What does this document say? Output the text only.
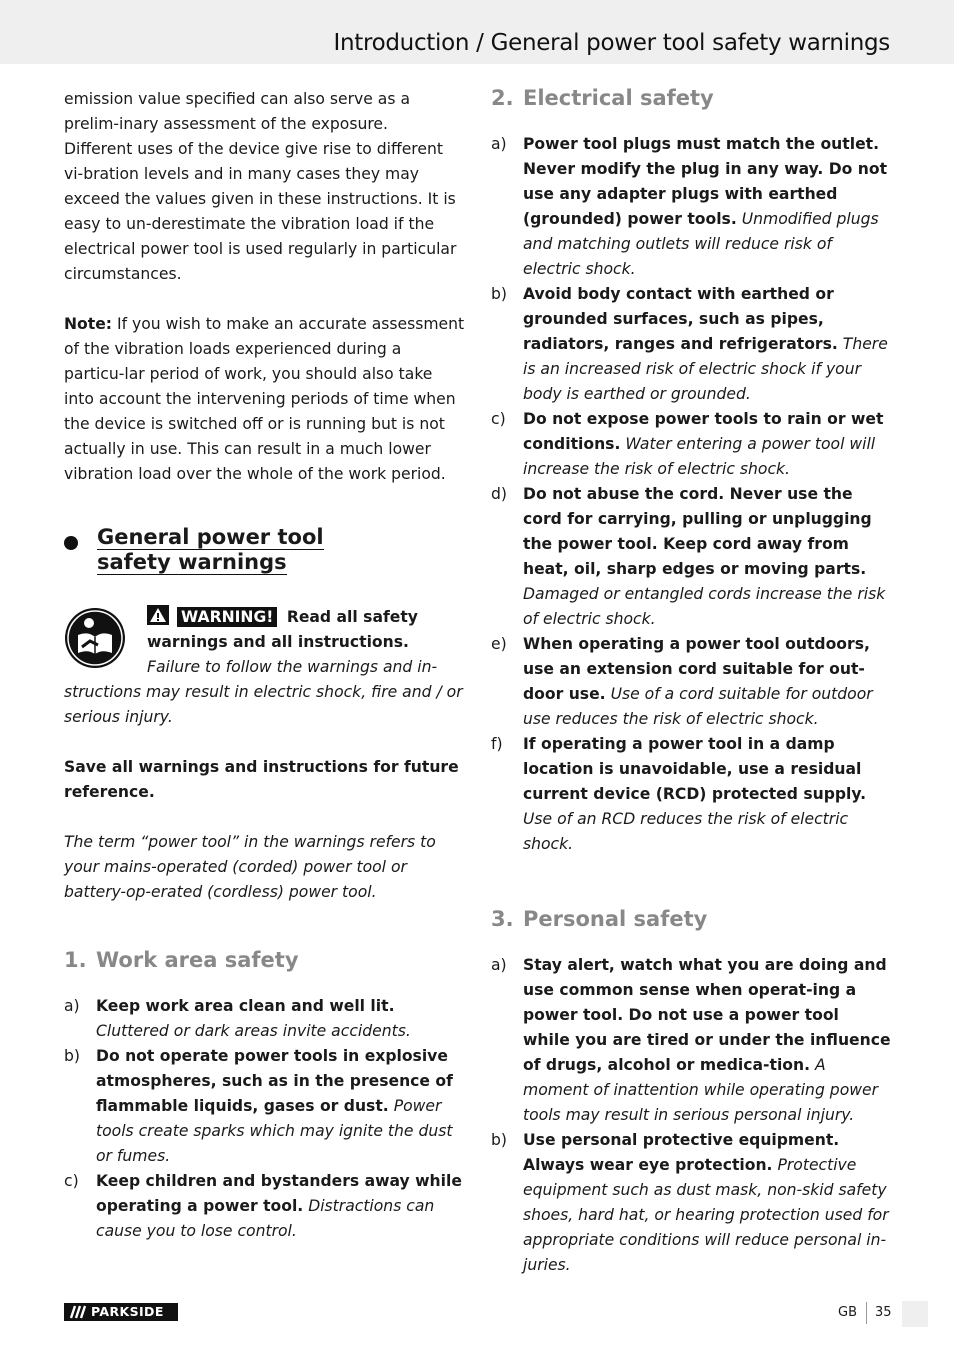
Introduction / General power tool safety warnings

emission value specified can also serve as a prelim-inary assessment of the exposure.

Different uses of the device give rise to different vi-bration levels and in many cases they may exceed the values given in these instructions. It is easy to un-derestimate the vibration load if the electrical power tool is used regularly in particular circumstances.

Note: If you wish to make an accurate assessment of the vibration loads experienced during a particu-lar period of work, you should also take into account the intervening periods of time when the device is switched off or is running but is not actually in use. This can result in a much lower vibration load over the whole of the work period.

General power tool
safety warnings
WARNING! Read all safety warnings and all instructions.

Failure to follow the warnings and in-structions may result in electric shock, fire and / or serious injury.

Save all warnings and instructions for future reference.

The term “power tool” in the warnings refers to your mains-operated (corded) power tool or battery-op-erated (cordless) power tool.

1. Work area safety
a)	Keep work area clean and well lit. Cluttered or dark areas invite accidents.
b)	Do not operate power tools in explosive atmospheres, such as in the presence of flammable liquids, gases or dust. Power tools create sparks which may ignite the dust or fumes.
c)	Keep children and bystanders away while operating a power tool. Distractions can cause you to lose control.
2. Electrical safety
a)	Power tool plugs must match the outlet. Never modify the plug in any way. Do not use any adapter plugs with earthed (grounded) power tools. Unmodified plugs and matching outlets will reduce risk of electric shock.
b)	Avoid body contact with earthed or grounded surfaces, such as pipes, radiators, ranges and refrigerators. There is an increased risk of electric shock if your body is earthed or grounded.
c)	Do not expose power tools to rain or wet conditions. Water entering a power tool will increase the risk of electric shock.
d)	Do not abuse the cord. Never use the cord for carrying, pulling or unplugging the power tool. Keep cord away from heat, oil, sharp edges or moving parts. Damaged or entangled cords increase the risk of electric shock.
e)	When operating a power tool outdoors, use an extension cord suitable for out-door use. Use of a cord suitable for outdoor use reduces the risk of electric shock.
f)	If operating a power tool in a damp location is unavoidable, use a residual current device (RCD) protected supply. Use of an RCD reduces the risk of electric shock.
3. Personal safety
a)	Stay alert, watch what you are doing and use common sense when operat-ing a power tool. Do not use a power tool while you are tired or under the influence of drugs, alcohol or medica-tion. A moment of inattention while operating power tools may result in serious personal injury.
b)	Use personal protective equipment. Always wear eye protection. Protective equipment such as dust mask, non-skid safety shoes, hard hat, or hearing protection used for appropriate conditions will reduce personal in-juries.
PARKSIDE	GB 35
